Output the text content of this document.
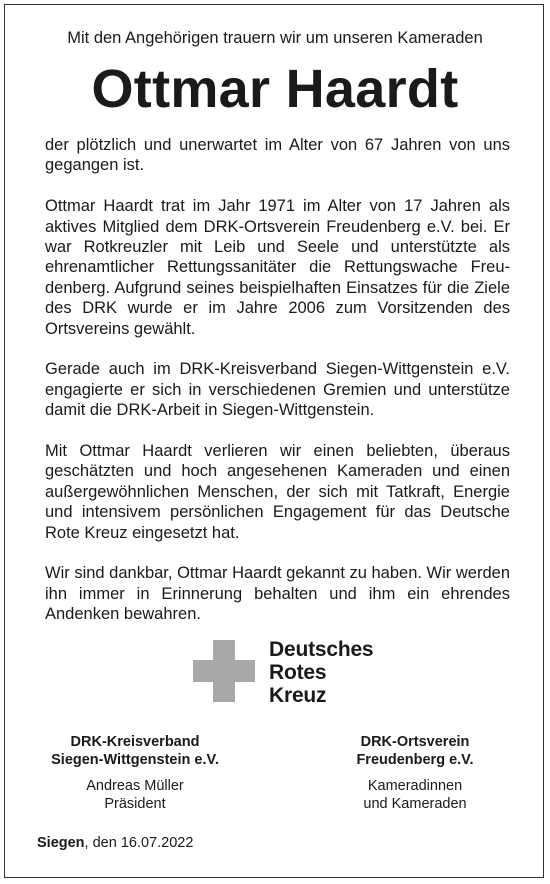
Mit den Angehörigen trauern wir um unseren Kameraden
Ottmar Haardt

der plötzlich und unerwartet im Alter von 67 Jahren von uns gegangen ist.

Ottmar Haardt trat im Jahr 1971 im Alter von 17 Jahren als aktives Mitglied dem DRK-Ortsverein Freudenberg e.V. bei. Er war Rotkreuzler mit Leib und Seele und unterstützte als ehrenamtlicher Rettungssanitäter die Rettungswache Freudenberg. Aufgrund seines beispielhaften Einsatzes für die Ziele des DRK wurde er im Jahre 2006 zum Vorsitzenden des Ortsvereins gewählt.

Gerade auch im DRK-Kreisverband Siegen-Wittgenstein e.V. engagierte er sich in verschiedenen Gremien und unterstütze damit die DRK-Arbeit in Siegen-Wittgenstein.

Mit Ottmar Haardt verlieren wir einen beliebten, überaus geschätzten und hoch angesehenen Kameraden und einen außergewöhnlichen Menschen, der sich mit Tatkraft, Energie und intensivem persönlichen Engagement für das Deutsche Rote Kreuz eingesetzt hat.

Wir sind dankbar, Ottmar Haardt gekannt zu haben. Wir werden ihn immer in Erinnerung behalten und ihm ein ehrendes Andenken bewahren.

Deutsches
Rotes
Kreuz
DRK-Kreisverband
Siegen-Wittgenstein e.V.
Andreas Müller
Präsident
DRK-Ortsverein
Freudenberg e.V.
Kameradinnen
und Kameraden
Siegen, den 16.07.2022
